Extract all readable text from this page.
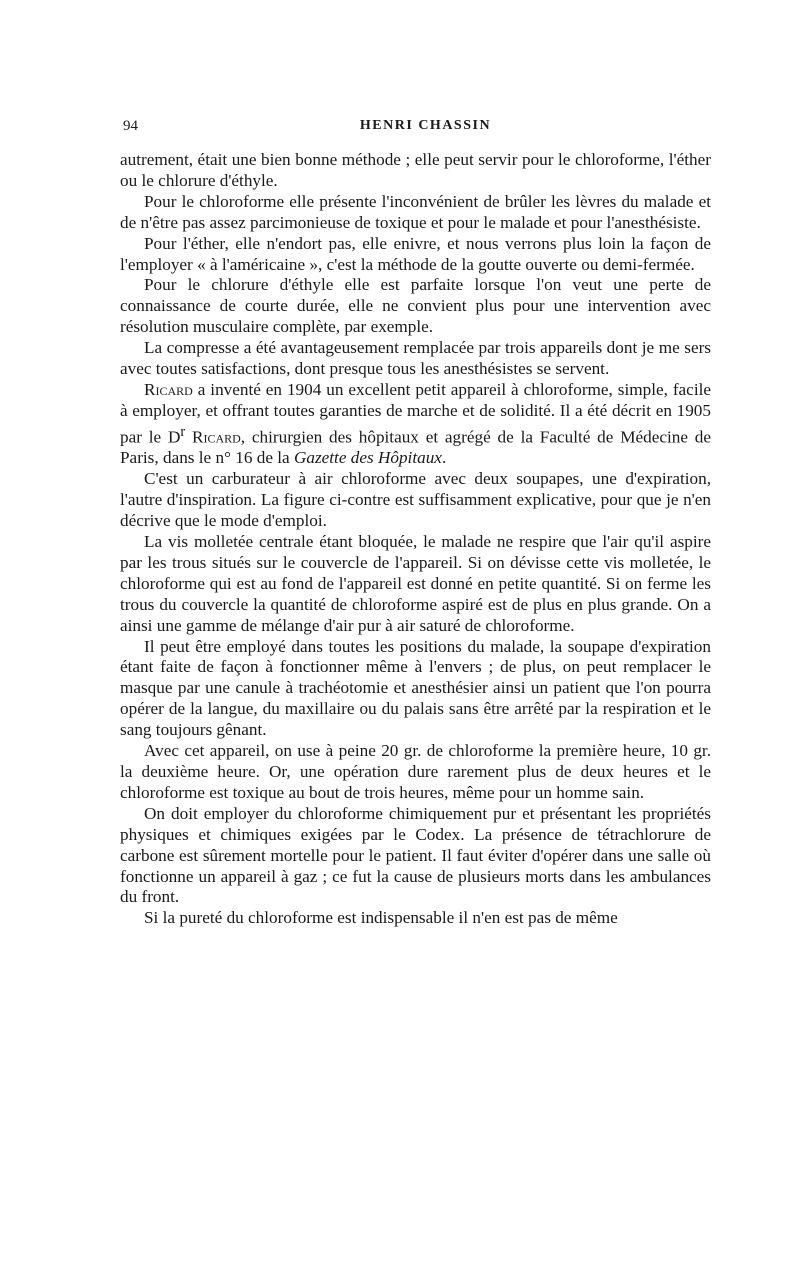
94	HENRI CHASSIN

autrement, était une bien bonne méthode ; elle peut servir pour le chloroforme, l'éther ou le chlorure d'éthyle.

Pour le chloroforme elle présente l'inconvénient de brûler les lèvres du malade et de n'être pas assez parcimonieuse de toxique et pour le malade et pour l'anesthésiste.

Pour l'éther, elle n'endort pas, elle enivre, et nous verrons plus loin la façon de l'employer « à l'américaine », c'est la méthode de la goutte ouverte ou demi-fermée.

Pour le chlorure d'éthyle elle est parfaite lorsque l'on veut une perte de connaissance de courte durée, elle ne convient plus pour une intervention avec résolution musculaire complète, par exemple.

La compresse a été avantageusement remplacée par trois appareils dont je me sers avec toutes satisfactions, dont presque tous les anesthésistes se servent.

Ricard a inventé en 1904 un excellent petit appareil à chloroforme, simple, facile à employer, et offrant toutes garanties de marche et de solidité. Il a été décrit en 1905 par le $D^r$ Ricard, chirurgien des hôpitaux et agrégé de la Faculté de Médecine de Paris, dans le n° 16 de la Gazette des Hôpitaux.

C'est un carburateur à air chloroforme avec deux soupapes, une d'expiration, l'autre d'inspiration. La figure ci-contre est suffisamment explicative, pour que je n'en décrive que le mode d'emploi.

La vis molletée centrale étant bloquée, le malade ne respire que l'air qu'il aspire par les trous situés sur le couvercle de l'appareil. Si on dévisse cette vis molletée, le chloroforme qui est au fond de l'appareil est donné en petite quantité. Si on ferme les trous du couvercle la quantité de chloroforme aspiré est de plus en plus grande. On a ainsi une gamme de mélange d'air pur à air saturé de chloroforme.

Il peut être employé dans toutes les positions du malade, la soupape d'expiration étant faite de façon à fonctionner même à l'envers ; de plus, on peut remplacer le masque par une canule à trachéotomie et anesthésier ainsi un patient que l'on pourra opérer de la langue, du maxillaire ou du palais sans être arrêté par la respiration et le sang toujours gênant.

Avec cet appareil, on use à peine 20 gr. de chloroforme la première heure, 10 gr. la deuxième heure. Or, une opération dure rarement plus de deux heures et le chloroforme est toxique au bout de trois heures, même pour un homme sain.

On doit employer du chloroforme chimiquement pur et présentant les propriétés physiques et chimiques exigées par le Codex. La présence de tétrachlorure de carbone est sûrement mortelle pour le patient. Il faut éviter d'opérer dans une salle où fonctionne un appareil à gaz ; ce fut la cause de plusieurs morts dans les ambulances du front.

Si la pureté du chloroforme est indispensable il n'en est pas de même
